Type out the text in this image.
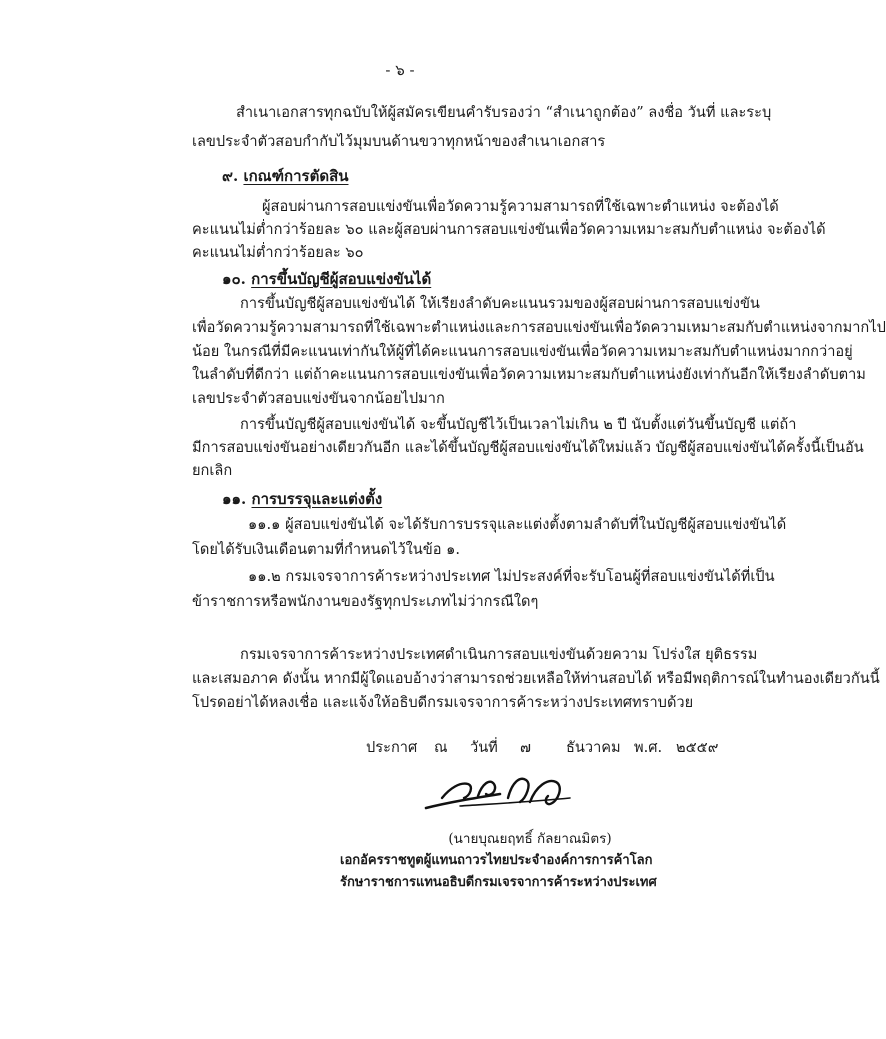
- ๖ -
สำเนาเอกสารทุกฉบับให้ผู้สมัครเขียนคำรับรองว่า “สำเนาถูกต้อง” ลงชื่อ วันที่ และระบุ
เลขประจำตัวสอบกำกับไว้มุมบนด้านขวาทุกหน้าของสำเนาเอกสาร
๙. เกณฑ์การตัดสิน
ผู้สอบผ่านการสอบแข่งขันเพื่อวัดความรู้ความสามารถที่ใช้เฉพาะตำแหน่ง จะต้องได้
คะแนนไม่ต่ำกว่าร้อยละ ๖๐ และผู้สอบผ่านการสอบแข่งขันเพื่อวัดความเหมาะสมกับตำแหน่ง จะต้องได้
คะแนนไม่ต่ำกว่าร้อยละ ๖๐
๑๐. การขึ้นบัญชีผู้สอบแข่งขันได้
การขึ้นบัญชีผู้สอบแข่งขันได้ ให้เรียงลำดับคะแนนรวมของผู้สอบผ่านการสอบแข่งขัน
เพื่อวัดความรู้ความสามารถที่ใช้เฉพาะตำแหน่งและการสอบแข่งขันเพื่อวัดความเหมาะสมกับตำแหน่งจากมากไป
น้อย ในกรณีที่มีคะแนนเท่ากันให้ผู้ที่ได้คะแนนการสอบแข่งขันเพื่อวัดความเหมาะสมกับตำแหน่งมากกว่าอยู่
ในลำดับที่ดีกว่า แต่ถ้าคะแนนการสอบแข่งขันเพื่อวัดความเหมาะสมกับตำแหน่งยังเท่ากันอีกให้เรียงลำดับตาม
เลขประจำตัวสอบแข่งขันจากน้อยไปมาก
การขึ้นบัญชีผู้สอบแข่งขันได้ จะขึ้นบัญชีไว้เป็นเวลาไม่เกิน ๒ ปี นับตั้งแต่วันขึ้นบัญชี แต่ถ้า
มีการสอบแข่งขันอย่างเดียวกันอีก และได้ขึ้นบัญชีผู้สอบแข่งขันได้ใหม่แล้ว บัญชีผู้สอบแข่งขันได้ครั้งนี้เป็นอัน
ยกเลิก
๑๑. การบรรจุและแต่งตั้ง
๑๑.๑ ผู้สอบแข่งขันได้ จะได้รับการบรรจุและแต่งตั้งตามลำดับที่ในบัญชีผู้สอบแข่งขันได้
โดยได้รับเงินเดือนตามที่กำหนดไว้ในข้อ ๑.
๑๑.๒ กรมเจรจาการค้าระหว่างประเทศ ไม่ประสงค์ที่จะรับโอนผู้ที่สอบแข่งขันได้ที่เป็น
ข้าราชการหรือพนักงานของรัฐทุกประเภทไม่ว่ากรณีใดๆ
กรมเจรจาการค้าระหว่างประเทศดำเนินการสอบแข่งขันด้วยความ โปร่งใส ยุติธรรม
และเสมอภาค ดังนั้น หากมีผู้ใดแอบอ้างว่าสามารถช่วยเหลือให้ท่านสอบได้ หรือมีพฤติการณ์ในทำนองเดียวกันนี้
โปรดอย่าได้หลงเชื่อ และแจ้งให้อธิบดีกรมเจรจาการค้าระหว่างประเทศทราบด้วย
ประกาศ ณ วันที่ ๗ ธันวาคม พ.ศ. ๒๕๕๙
(นายบุณยฤทธิ์ กัลยาณมิตร)
เอกอัครราชทูตผู้แทนถาวรไทยประจำองค์การการค้าโลก
รักษาราชการแทนอธิบดีกรมเจรจาการค้าระหว่างประเทศ
